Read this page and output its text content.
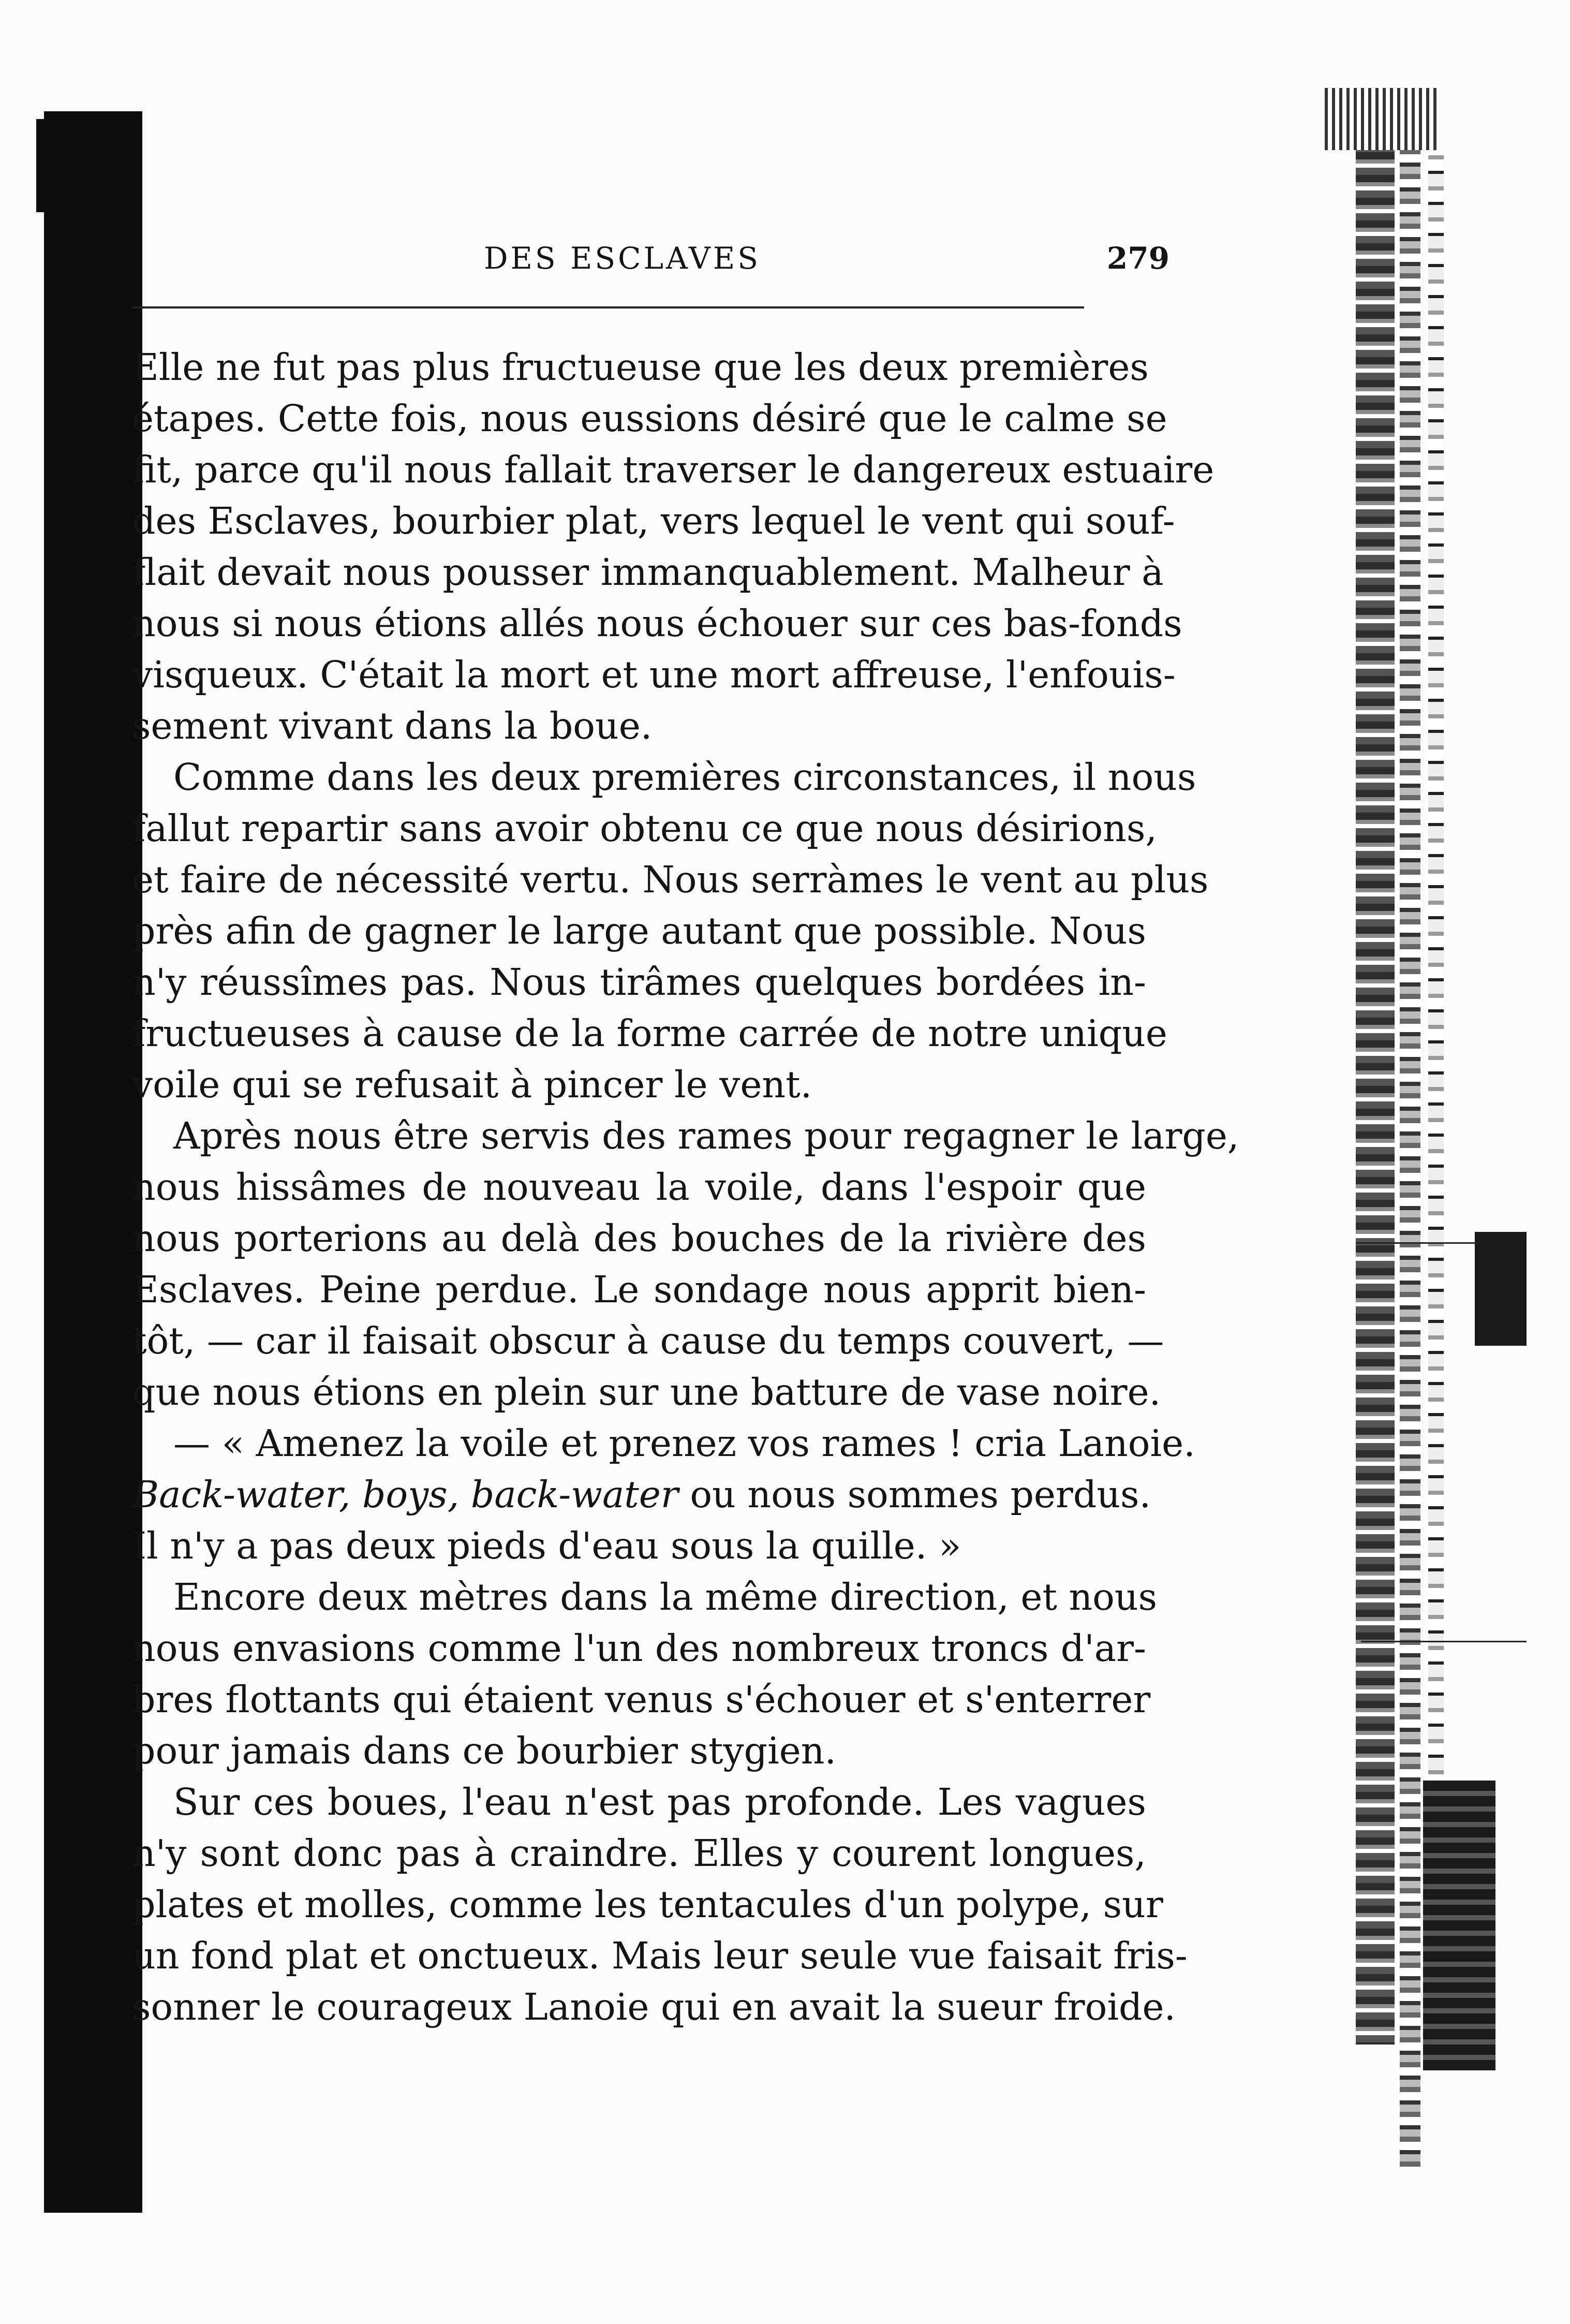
DES ESCLAVES	279
Elle ne fut pas plus fructueuse que les deux premières
étapes. Cette fois, nous eussions désiré que le calme se
fit, parce qu'il nous fallait traverser le dangereux estuaire
des Esclaves, bourbier plat, vers lequel le vent qui souf-
flait devait nous pousser immanquablement. Malheur à
nous si nous étions allés nous échouer sur ces bas-fonds
visqueux. C'était la mort et une mort affreuse, l'enfouis-
sement vivant dans la boue.
Comme dans les deux premières circonstances, il nous
fallut repartir sans avoir obtenu ce que nous désirions,
et faire de nécessité vertu. Nous serràmes le vent au plus
près afin de gagner le large autant que possible. Nous
n'y réussîmes pas. Nous tirâmes quelques bordées in-
fructueuses à cause de la forme carrée de notre unique
voile qui se refusait à pincer le vent.
Après nous être servis des rames pour regagner le large,
nous hissâmes de nouveau la voile, dans l'espoir que
nous porterions au delà des bouches de la rivière des
Esclaves. Peine perdue. Le sondage nous apprit bien-
tôt, — car il faisait obscur à cause du temps couvert, —
que nous étions en plein sur une batture de vase noire.
— « Amenez la voile et prenez vos rames ! cria Lanoie.
Back-water, boys, back-water ou nous sommes perdus.
Il n'y a pas deux pieds d'eau sous la quille. »
Encore deux mètres dans la même direction, et nous
nous envasions comme l'un des nombreux troncs d'ar-
bres flottants qui étaient venus s'échouer et s'enterrer
pour jamais dans ce bourbier stygien.
Sur ces boues, l'eau n'est pas profonde. Les vagues
n'y sont donc pas à craindre. Elles y courent longues,
plates et molles, comme les tentacules d'un polype, sur
un fond plat et onctueux. Mais leur seule vue faisait fris-
sonner le courageux Lanoie qui en avait la sueur froide.
